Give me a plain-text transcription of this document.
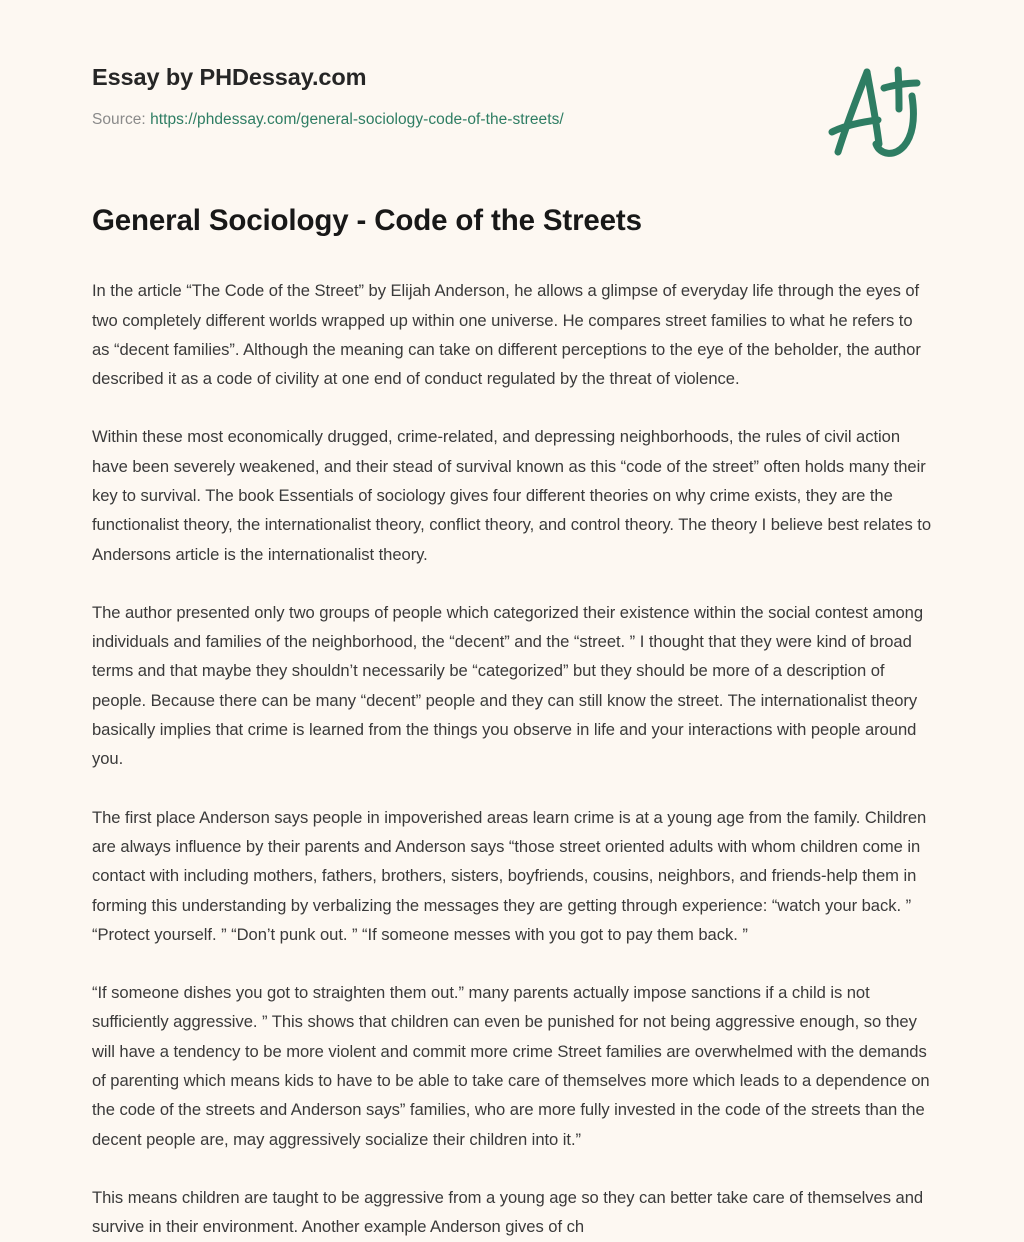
Essay by PHDessay.com

Source: https://phdessay.com/general-sociology-code-of-the-streets/

General Sociology - Code of the Streets

In the article “The Code of the Street” by Elijah Anderson, he allows a glimpse of everyday life through the eyes of two completely different worlds wrapped up within one universe. He compares street families to what he refers to as “decent families”. Although the meaning can take on different perceptions to the eye of the beholder, the author described it as a code of civility at one end of conduct regulated by the threat of violence.

Within these most economically drugged, crime-related, and depressing neighborhoods, the rules of civil action have been severely weakened, and their stead of survival known as this “code of the street” often holds many their key to survival. The book Essentials of sociology gives four different theories on why crime exists, they are the functionalist theory, the internationalist theory, conflict theory, and control theory. The theory I believe best relates to Andersons article is the internationalist theory.

The author presented only two groups of people which categorized their existence within the social contest among individuals and families of the neighborhood, the “decent” and the “street. ” I thought that they were kind of broad terms and that maybe they shouldn’t necessarily be “categorized” but they should be more of a description of people. Because there can be many “decent” people and they can still know the street. The internationalist theory basically implies that crime is learned from the things you observe in life and your interactions with people around you.

The first place Anderson says people in impoverished areas learn crime is at a young age from the family. Children are always influence by their parents and Anderson says “those street oriented adults with whom children come in contact with including mothers, fathers, brothers, sisters, boyfriends, cousins, neighbors, and friends-help them in forming this understanding by verbalizing the messages they are getting through experience: “watch your back. ” “Protect yourself. ” “Don’t punk out. ” “If someone messes with you got to pay them back. ”

“If someone dishes you got to straighten them out.” many parents actually impose sanctions if a child is not sufficiently aggressive. ” This shows that children can even be punished for not being aggressive enough, so they will have a tendency to be more violent and commit more crime Street families are overwhelmed with the demands of parenting which means kids to have to be able to take care of themselves more which leads to a dependence on the code of the streets and Anderson says” families, who are more fully invested in the code of the streets than the decent people are, may aggressively socialize their children into it.”

This means children are taught to be aggressive from a young age so they can better take care of themselves and survive in their environment. Another example Anderson gives of ch
